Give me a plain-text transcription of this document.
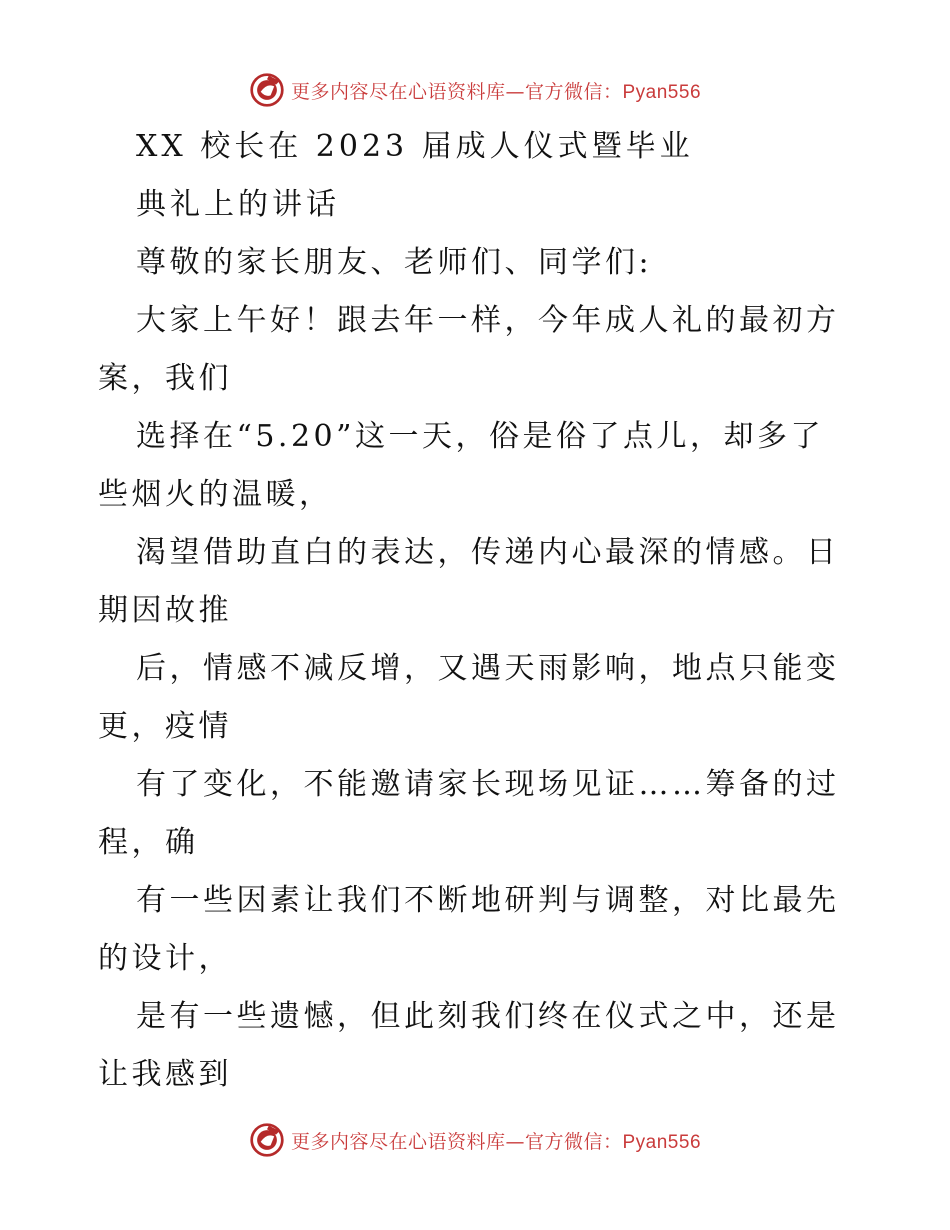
更多内容尽在心语资料库—官方微信：Pyan556
XX 校长在 2023 届成人仪式暨毕业
典礼上的讲话
尊敬的家长朋友、老师们、同学们:
大家上午好！跟去年一样，今年成人礼的最初方
案，我们
选择在“5.20”这一天，俗是俗了点儿，却多了
些烟火的温暖，
渴望借助直白的表达，传递内心最深的情感。日
期因故推
后，情感不减反增，又遇天雨影响，地点只能变
更，疫情
有了变化，不能邀请家长现场见证……筹备的过
程，确
有一些因素让我们不断地研判与调整，对比最先
的设计，
是有一些遗憾，但此刻我们终在仪式之中，还是
让我感到
更多内容尽在心语资料库—官方微信：Pyan556
